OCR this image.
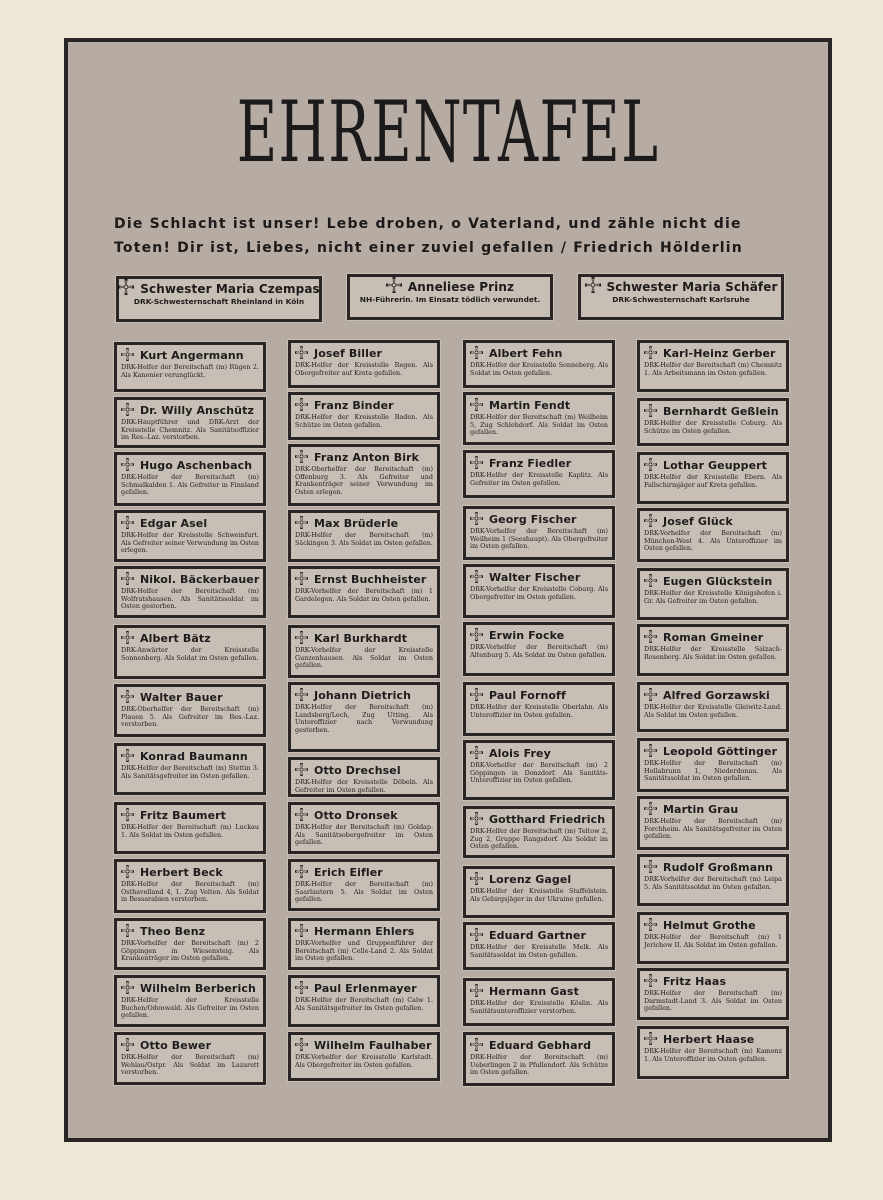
EHRENTAFEL
Die Schlacht ist unser! Lebe droben, o Vaterland, und zähle nicht die
Toten! Dir ist, Liebes, nicht einer zuviel gefallen / Friedrich Hölderlin
Schwester Maria Czempas
DRK-Schwesternschaft Rheinland in Köln
Anneliese Prinz
NH-Führerin. Im Einsatz tödlich verwundet.
Schwester Maria Schäfer
DRK-Schwesternschaft Karlsruhe
Kurt Angermann
DRK-Helfer der Bereitschaft (m) Rügen 2. Als Kanonier verunglückt.
Dr. Willy Anschütz
DRK-Hauptführer und DRK-Arzt der Kreisstelle Chemnitz. Als Sanitätsoffizier im Res.-Laz. verstorben.
Hugo Aschenbach
DRK-Helfer der Bereitschaft (m) Schmalkalden 1. Als Gefreiter in Finnland gefallen.
Edgar Asel
DRK-Helfer der Kreisstelle Schweinfurt. Als Gefreiter seiner Verwundung im Osten erlegen.
Nikol. Bäckerbauer
DRK-Helfer der Bereitschaft (m) Wolfratshausen. Als Sanitätssoldat im Osten gestorben.
Albert Bätz
DRK-Anwärter der Kreisstelle Sonnenberg. Als Soldat im Osten gefallen.
Walter Bauer
DRK-Oberhelfer der Bereitschaft (m) Plauen 5. Als Gefreiter im Res.-Laz. verstorben.
Konrad Baumann
DRK-Helfer der Bereitschaft (m) Stettin 3. Als Sanitätsgefreiter im Osten gefallen.
Fritz Baumert
DRK-Helfer der Bereitschaft (m) Luckau 1. Als Soldat im Osten gefallen.
Herbert Beck
DRK-Helfer der Bereitschaft (m) Osthavelland 4, 1. Zug Velten. Als Soldat in Bessarabien verstorben.
Theo Benz
DRK-Vorhelfer der Bereitschaft (m) 2 Göppingen in Wiesensteig. Als Krankenträger im Osten gefallen.
Wilhelm Berberich
DRK-Helfer der Kreisstelle Buchen/Odenwald. Als Gefreiter im Osten gefallen.
Otto Bewer
DRK-Helfer der Bereitschaft (m) Wehlau/Ostpr. Als Soldat im Lazarett verstorben.
Josef Biller
DRK-Helfer der Kreisstelle Regen. Als Obergefreiter auf Kreta gefallen.
Franz Binder
DRK-Helfer der Kreisstelle Baden. Als Schütze im Osten gefallen.
Franz Anton Birk
DRK-Oberhelfer der Bereitschaft (m) Offenburg 3. Als Gefreiter und Krankenträger seiner Verwundung im Osten erlegen.
Max Brüderle
DRK-Helfer der Bereitschaft (m) Säckingen 3. Als Soldat im Osten gefallen.
Ernst Buchheister
DRK-Vorhelfer der Bereitschaft (m) 1 Gardelegen. Als Soldat im Osten gefallen.
Karl Burkhardt
DRK-Vorhelfer der Kreisstelle Gunzenhausen. Als Soldat im Osten gefallen.
Johann Dietrich
DRK-Helfer der Bereitschaft (m) Landsberg/Lech, Zug Utting. Als Unteroffizier nach Verwundung gestorben.
Otto Drechsel
DRK-Helfer der Kreisstelle Döbeln. Als Gefreiter im Osten gefallen.
Otto Dronsek
DRK-Helfer der Bereitschaft (m) Goldap. Als Sanitätsobergefreiter im Osten gefallen.
Erich Eifler
DRK-Helfer der Bereitschaft (m) Saarlautern 5. Als Soldat im Osten gefallen.
Hermann Ehlers
DRK-Vorhelfer und Gruppenführer der Bereitschaft (m) Celle-Land 2. Als Soldat im Osten gefallen.
Paul Erlenmayer
DRK-Helfer der Bereitschaft (m) Calw 1. Als Sanitätsgefreiter im Osten gefallen.
Wilhelm Faulhaber
DRK-Vorhelfer der Kreisstelle Karlstadt. Als Obergefreiter im Osten gefallen.
Albert Fehn
DRK-Helfer der Kreisstelle Sonneberg. Als Soldat im Osten gefallen.
Martin Fendt
DRK-Helfer der Bereitschaft (m) Weilheim 5, Zug Schlehdorf. Als Soldat im Osten gefallen.
Franz Fiedler
DRK-Helfer der Kreisstelle Kaplitz. Als Gefreiter im Osten gefallen.
Georg Fischer
DRK-Vorhelfer der Bereitschaft (m) Weilheim 1 (Seeshaupt). Als Obergefreiter im Osten gefallen.
Walter Fischer
DRK-Vorhelfer der Kreisstelle Coburg. Als Obergefreiter im Osten gefallen.
Erwin Focke
DRK-Vorhelfer der Bereitschaft (m) Altenburg 5. Als Soldat im Osten gefallen.
Paul Fornoff
DRK-Helfer der Kreisstelle Oberlahn. Als Unteroffizier im Osten gefallen.
Alois Frey
DRK-Vorhelfer der Bereitschaft (m) 2 Göppingen in Donzdorf. Als Sanitäts-Unteroffizier im Osten gefallen.
Gotthard Friedrich
DRK-Helfer der Bereitschaft (m) Teltow 2, Zug 2, Gruppe Rangsdorf. Als Soldat im Osten gefallen.
Lorenz Gagel
DRK-Helfer der Kreisstelle Staffelstein. Als Gebirgsjäger in der Ukraine gefallen.
Eduard Gartner
DRK-Helfer der Kreisstelle Melk. Als Sanitätssoldat im Osten gefallen.
Hermann Gast
DRK-Helfer der Kreisstelle Köslin. Als Sanitätsunteroffizier verstorben.
Eduard Gebhard
DRK-Helfer der Bereitschaft (m) Ueberlingen 2 in Pfullendorf. Als Schütze im Osten gefallen.
Karl-Heinz Gerber
DRK-Helfer der Bereitschaft (m) Chemnitz 1. Als Arbeitsmann im Osten gefallen.
Bernhardt Geßlein
DRK-Helfer der Kreisstelle Coburg. Als Schütze im Osten gefallen.
Lothar Geuppert
DRK-Helfer der Kreisstelle Ebern. Als Fallschirmjäger auf Kreta gefallen.
Josef Glück
DRK-Vorhelfer der Bereitschaft (m) München-West 4. Als Unteroffizier im Osten gefallen.
Eugen Glückstein
DRK-Helfer der Kreisstelle Königshofen i. Gr. Als Gefreiter im Osten gefallen.
Roman Gmeiner
DRK-Helfer der Kreisstelle Salzach-Rosenberg. Als Soldat im Osten gefallen.
Alfred Gorzawski
DRK-Helfer der Kreisstelle Gleiwitz-Land. Als Soldat im Osten gefallen.
Leopold Göttinger
DRK-Helfer der Bereitschaft (m) Hollabrunn 1, Niederdonau. Als Sanitätssoldat im Osten gefallen.
Martin Grau
DRK-Helfer der Bereitschaft (m) Forchheim. Als Sanitätsgefreiter im Osten gefallen.
Rudolf Großmann
DRK-Vorhelfer der Bereitschaft (m) Leipa 5. Als Sanitätssoldat im Osten gefallen.
Helmut Grothe
DRK-Helfer der Bereitschaft (m) 1 Jerichow II. Als Soldat im Osten gefallen.
Fritz Haas
DRK-Helfer der Bereitschaft (m) Darmstadt-Land 3. Als Soldat im Osten gefallen.
Herbert Haase
DRK-Helfer der Bereitschaft (m) Kamenz 1. Als Unteroffizier im Osten gefallen.
